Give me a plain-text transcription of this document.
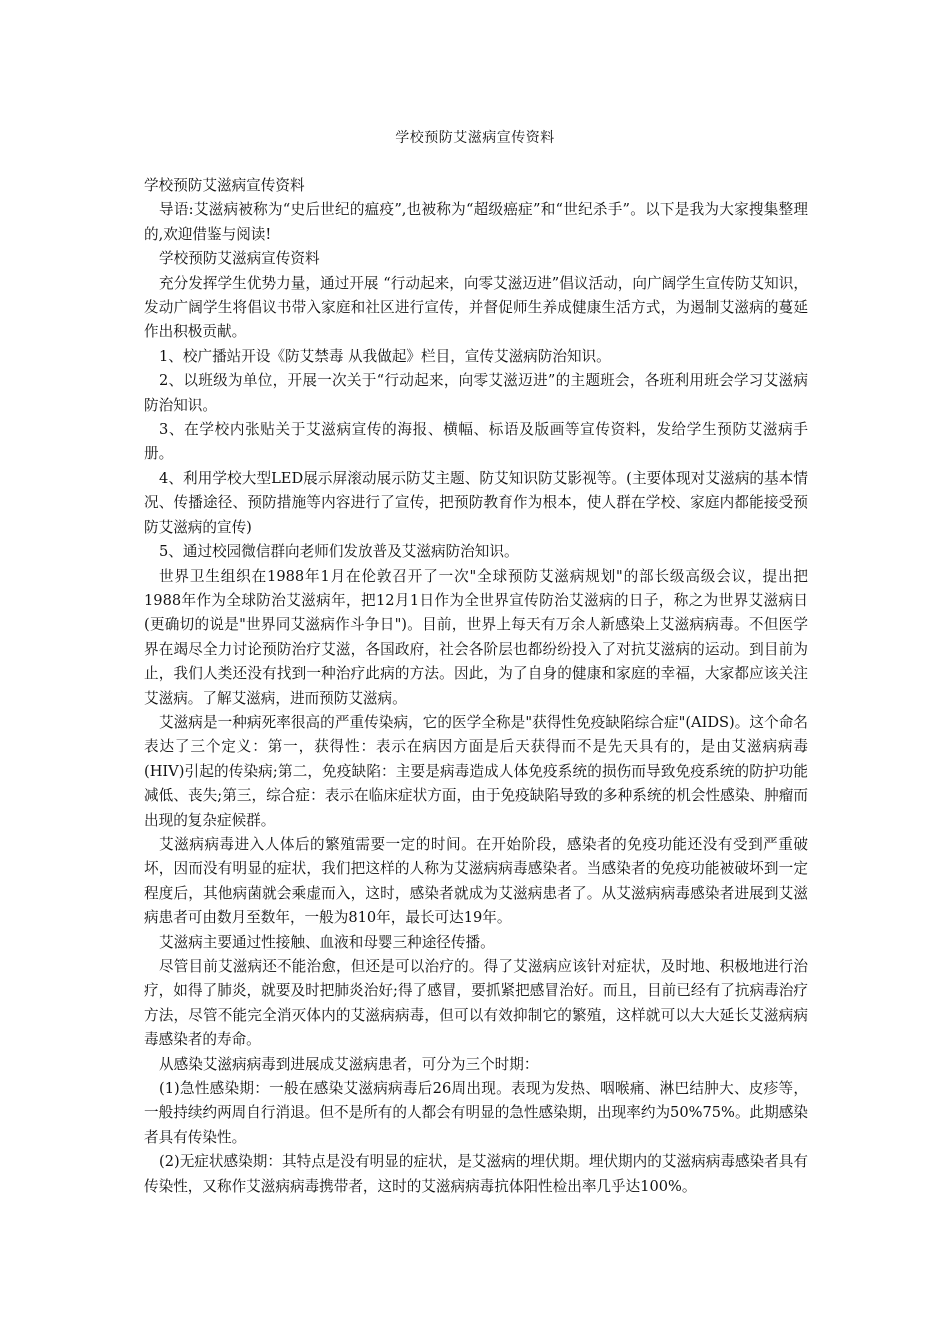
学校预防艾滋病宣传资料

学校预防艾滋病宣传资料

导语:艾滋病被称为“史后世纪的瘟疫”,也被称为“超级癌症”和“世纪杀手”。以下是我为大家搜集整理的,欢迎借鉴与阅读!

学校预防艾滋病宣传资料

充分发挥学生优势力量，通过开展 “行动起来，向零艾滋迈进”倡议活动，向广阔学生宣传防艾知识，发动广阔学生将倡议书带入家庭和社区进行宣传，并督促师生养成健康生活方式，为遏制艾滋病的蔓延作出积极贡献。

1、校广播站开设《防艾禁毒 从我做起》栏目，宣传艾滋病防治知识。

2、以班级为单位，开展一次关于“行动起来，向零艾滋迈进”的主题班会，各班利用班会学习艾滋病防治知识。

3、在学校内张贴关于艾滋病宣传的海报、横幅、标语及版画等宣传资料，发给学生预防艾滋病手册。

4、利用学校大型LED展示屏滚动展示防艾主题、防艾知识防艾影视等。(主要体现对艾滋病的基本情况、传播途径、预防措施等内容进行了宣传，把预防教育作为根本，使人群在学校、家庭内都能接受预防艾滋病的宣传)

5、通过校园微信群向老师们发放普及艾滋病防治知识。

世界卫生组织在1988年1月在伦敦召开了一次"全球预防艾滋病规划"的部长级高级会议，提出把1988年作为全球防治艾滋病年，把12月1日作为全世界宣传防治艾滋病的日子，称之为世界艾滋病日(更确切的说是"世界同艾滋病作斗争日")。目前，世界上每天有万余人新感染上艾滋病病毒。不但医学界在竭尽全力讨论预防治疗艾滋，各国政府，社会各阶层也都纷纷投入了对抗艾滋病的运动。到目前为止，我们人类还没有找到一种治疗此病的方法。因此，为了自身的健康和家庭的幸福，大家都应该关注艾滋病。了解艾滋病，进而预防艾滋病。

艾滋病是一种病死率很高的严重传染病，它的医学全称是"获得性免疫缺陷综合症"(AIDS)。这个命名表达了三个定义：第一，获得性：表示在病因方面是后天获得而不是先天具有的，是由艾滋病病毒(HIV)引起的传染病;第二，免疫缺陷：主要是病毒造成人体免疫系统的损伤而导致免疫系统的防护功能减低、丧失;第三，综合症：表示在临床症状方面，由于免疫缺陷导致的多种系统的机会性感染、肿瘤而出现的复杂症候群。

艾滋病病毒进入人体后的繁殖需要一定的时间。在开始阶段，感染者的免疫功能还没有受到严重破坏，因而没有明显的症状，我们把这样的人称为艾滋病病毒感染者。当感染者的免疫功能被破坏到一定程度后，其他病菌就会乘虚而入，这时，感染者就成为艾滋病患者了。从艾滋病病毒感染者进展到艾滋病患者可由数月至数年，一般为810年，最长可达19年。

艾滋病主要通过性接触、血液和母婴三种途径传播。

尽管目前艾滋病还不能治愈，但还是可以治疗的。得了艾滋病应该针对症状，及时地、积极地进行治疗，如得了肺炎，就要及时把肺炎治好;得了感冒，要抓紧把感冒治好。而且，目前已经有了抗病毒治疗方法，尽管不能完全消灭体内的艾滋病病毒，但可以有效抑制它的繁殖，这样就可以大大延长艾滋病病毒感染者的寿命。

从感染艾滋病病毒到进展成艾滋病患者，可分为三个时期：

(1)急性感染期：一般在感染艾滋病病毒后26周出现。表现为发热、咽喉痛、淋巴结肿大、皮疹等，一般持续约两周自行消退。但不是所有的人都会有明显的急性感染期，出现率约为50%75%。此期感染者具有传染性。

(2)无症状感染期：其特点是没有明显的症状，是艾滋病的埋伏期。埋伏期内的艾滋病病毒感染者具有传染性，又称作艾滋病病毒携带者，这时的艾滋病病毒抗体阳性检出率几乎达100%。
